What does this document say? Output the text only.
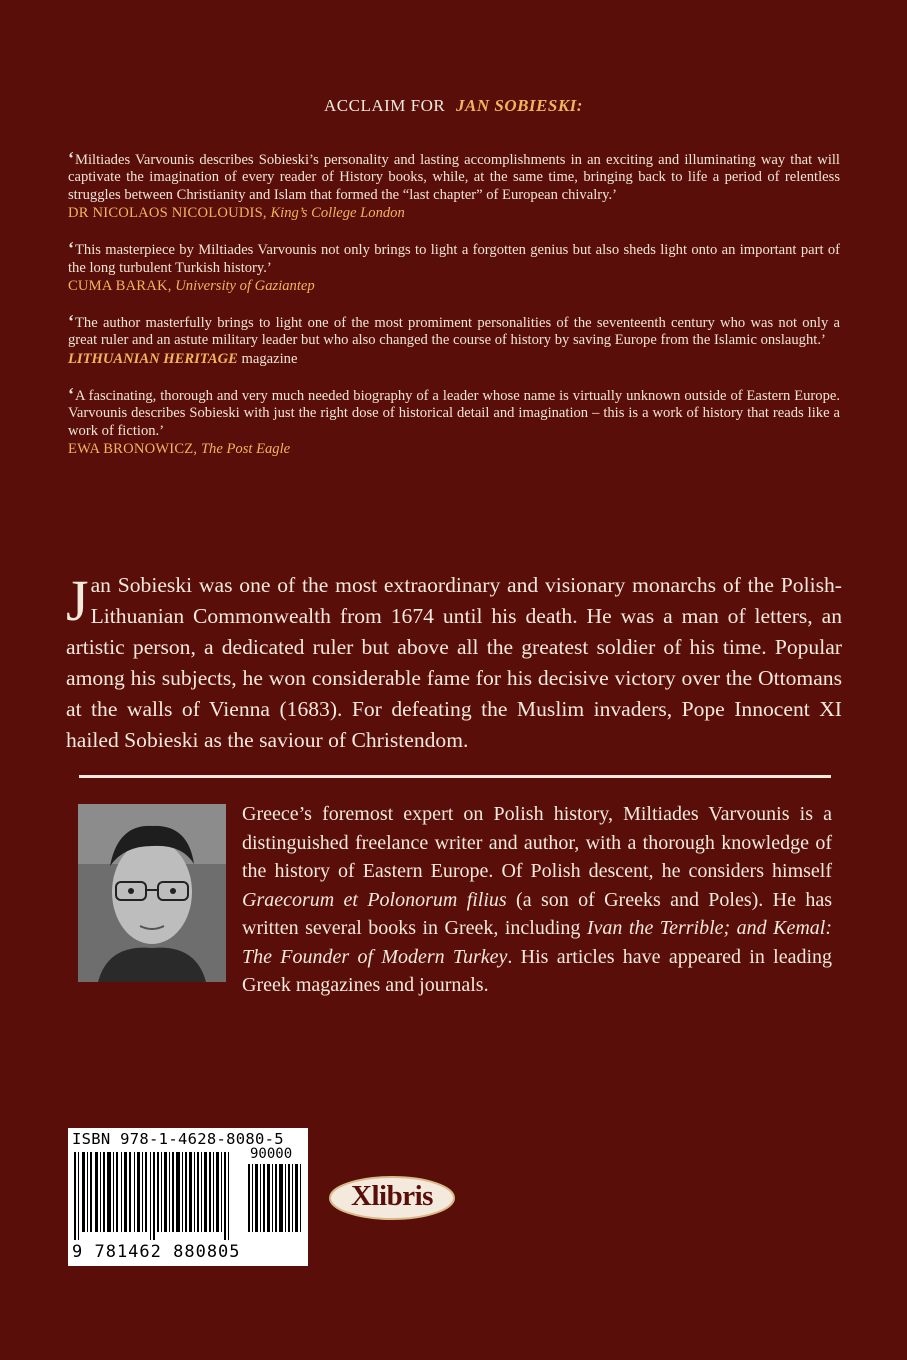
ACCLAIM FOR JAN SOBIESKI:

‘Miltiades Varvounis describes Sobieski’s personality and lasting accomplishments in an exciting and illuminating way that will captivate the imagination of every reader of History books, while, at the same time, bringing back to life a period of relentless struggles between Christianity and Islam that formed the “last chapter” of European chivalry.’

DR NICOLAOS NICOLOUDIS, King’s College London

‘This masterpiece by Miltiades Varvounis not only brings to light a forgotten genius but also sheds light onto an important part of the long turbulent Turkish history.’

CUMA BARAK, University of Gaziantep

‘The author masterfully brings to light one of the most promiment personalities of the seventeenth century who was not only a great ruler and an astute military leader but who also changed the course of history by saving Europe from the Islamic onslaught.’

LITHUANIAN HERITAGE magazine

‘A fascinating, thorough and very much needed biography of a leader whose name is virtually unknown outside of Eastern Europe. Varvounis describes Sobieski with just the right dose of historical detail and imagination – this is a work of history that reads like a work of fiction.’

EWA BRONOWICZ, The Post Eagle
Jan Sobieski was one of the most extraordinary and visionary monarchs of the Polish-Lithuanian Commonwealth from 1674 until his death. He was a man of letters, an artistic person, a dedicated ruler but above all the greatest soldier of his time. Popular among his subjects, he won considerable fame for his decisive victory over the Ottomans at the walls of Vienna (1683). For defeating the Muslim invaders, Pope Innocent XI hailed Sobieski as the saviour of Christendom.
Greece’s foremost expert on Polish history, Miltiades Varvounis is a distinguished freelance writer and author, with a thorough knowledge of the history of Eastern Europe. Of Polish descent, he considers himself Graecorum et Polonorum filius (a son of Greeks and Poles). He has written several books in Greek, including Ivan the Terrible; and Kemal: The Founder of Modern Turkey. His articles have appeared in leading Greek magazines and journals.
ISBN 978-1-4628-8080-5
90000
9 781462 880805
Xlibris
